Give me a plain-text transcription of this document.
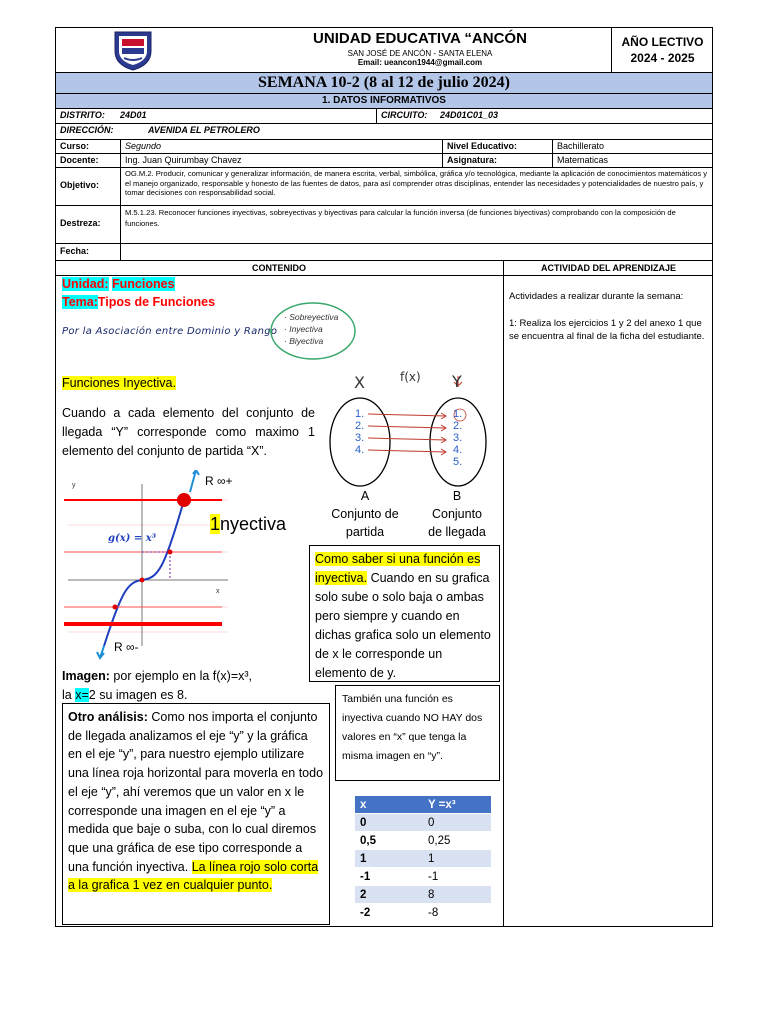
UNIDAD EDUCATIVA “ANCÓN
SAN JOSÉ DE ANCÓN - SANTA ELENA
Email: ueancon1944@gmail.com
AÑO LECTIVO
2024 - 2025
SEMANA 10-2 (8 al 12 de julio 2024)
1. DATOS INFORMATIVOS
DISTRITO:	24D01	CIRCUITO:	24D01C01_03
DIRECCIÓN:	AVENIDA EL PETROLERO
Curso:	Segundo	Nivel Educativo:	Bachillerato
Docente:	Ing. Juan Quirumbay Chavez	Asignatura:	Matematicas
Objetivo:
OG.M.2. Producir, comunicar y generalizar información, de manera escrita, verbal, simbólica, gráfica y/o tecnológica, mediante la aplicación de conocimientos matemáticos y el manejo organizado, responsable y honesto de las fuentes de datos, para así comprender otras disciplinas, entender las necesidades y potencialidades de nuestro país, y tomar decisiones con responsabilidad social.
Destreza:
M.5.1.23. Reconocer funciones inyectivas, sobreyectivas y biyectivas para calcular la función inversa (de funciones biyectivas) comprobando con la composición de funciones.
Fecha:
CONTENIDO	ACTIVIDAD DEL APRENDIZAJE
Actividades a realizar durante la semana:
1: Realiza los ejercicios 1 y 2 del anexo 1 que se encuentra al final de la ficha del estudiante.
Unidad: Funciones
Tema:Tipos de Funciones
Por la Asociación entre Dominio y Rango
· Sobreyectiva
· Inyectiva
· Biyectiva
Funciones Inyectiva.
Cuando a cada elemento del conjunto de llegada “Y” corresponde como maximo 1 elemento del conjunto de partida “X”.
y
x
g(x) = x³
R ∞+
R ∞-
1nyectiva
X	f(x) Y
1.
2.
3.
4.
1.
2.
3.
4.
5.
A
Conjunto de partida
B
Conjunto de llegada
Como saber si una función es inyectiva. Cuando en su grafica solo sube o solo baja o ambas pero siempre y cuando en dichas grafica solo un elemento de x le corresponde un elemento de y.
Imagen: por ejemplo en la f(x)=x³,
la x=2 su imagen es 8.
Otro análisis: Como nos importa el conjunto de llegada analizamos el eje “y” y la gráfica en el eje “y”, para nuestro ejemplo utilizare una línea roja horizontal para moverla en todo el eje “y”, ahí veremos que un valor en x le corresponde una imagen en el eje “y” a medida que baje o suba, con lo cual diremos que una gráfica de ese tipo corresponde a una función inyectiva. La línea rojo solo corta a la grafica 1 vez en cualquier punto.
También una función es inyectiva cuando NO HAY dos valores en “x” que tenga la misma imagen en “y”.
x	Y =x³
0	0
0,5	0,25
1	1
-1	-1
2	8
-2	-8
